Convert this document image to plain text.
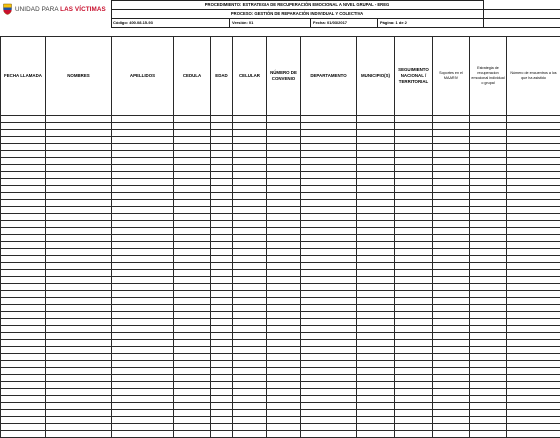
UNIDAD PARA LAS VÍCTIMAS
PROCEDIMIENTO: ESTRATEGIA DE RECUPERACIÓN EMOCIONAL A NIVEL GRUPAL - EREG
PROCESO: GESTIÓN DE REPARACIÓN INDIVIDUAL Y COLECTIVA
Código: 400.08.15-93	Versión: 01	Fecha: 01/03/2017	Página: 1 de 2
FECHA LLAMADA	NOMBRES	APELLIDOS	CEDULA	EDAD	CELULAR	NÚMERO DE CONVENIO	DEPARTAMENTO	MUNICIPIO(S)	SEGUIMIENTO NACIONAL / TERRITORIAL	Soportes en el MAARIV	Estrategia de recuperacion emocional individual o grupal	Número de encuentros a los que ha asistido
